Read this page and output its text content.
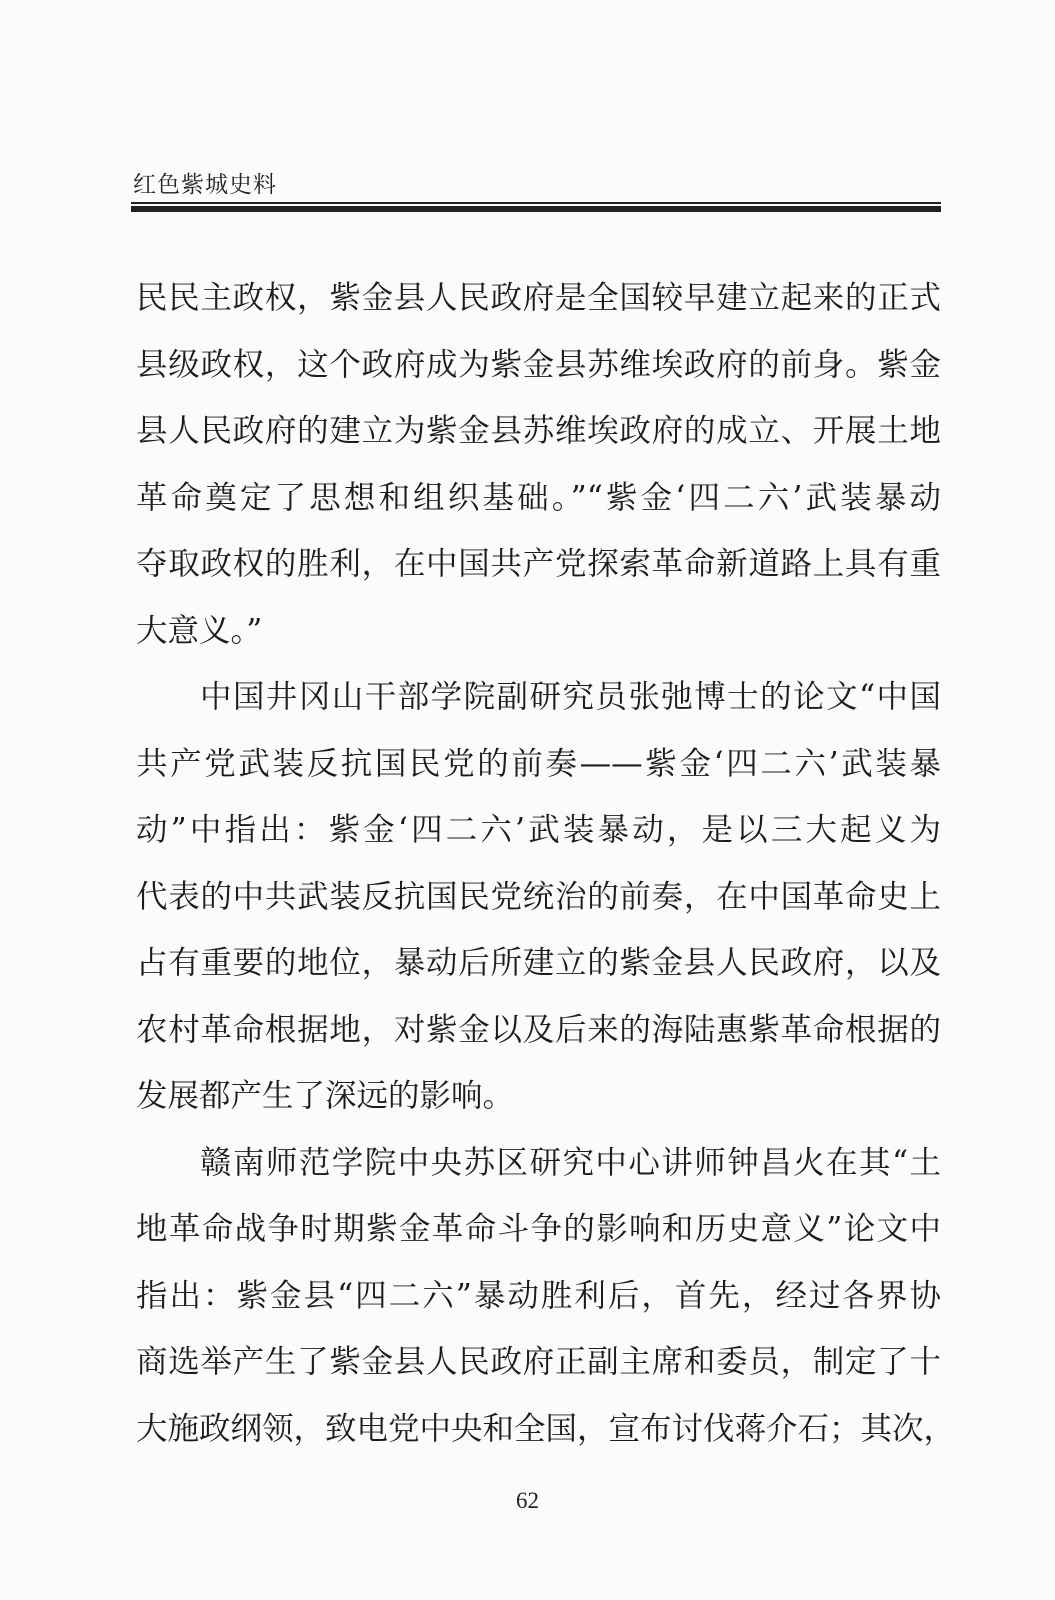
红色紫城史料
民民主政权，紫金县人民政府是全国较早建立起来的正式
县级政权，这个政府成为紫金县苏维埃政府的前身。紫金
县人民政府的建立为紫金县苏维埃政府的成立、开展土地
革命奠定了思想和组织基础。”“紫金‘四二六’武装暴动
夺取政权的胜利，在中国共产党探索革命新道路上具有重
大意义。”
中国井冈山干部学院副研究员张弛博士的论文“中国
共产党武装反抗国民党的前奏——紫金‘四二六’武装暴
动”中指出：紫金‘四二六’武装暴动，是以三大起义为
代表的中共武装反抗国民党统治的前奏，在中国革命史上
占有重要的地位，暴动后所建立的紫金县人民政府，以及
农村革命根据地，对紫金以及后来的海陆惠紫革命根据的
发展都产生了深远的影响。
赣南师范学院中央苏区研究中心讲师钟昌火在其“土
地革命战争时期紫金革命斗争的影响和历史意义”论文中
指出：紫金县“四二六”暴动胜利后，首先，经过各界协
商选举产生了紫金县人民政府正副主席和委员，制定了十
大施政纲领，致电党中央和全国，宣布讨伐蒋介石；其次，
62
